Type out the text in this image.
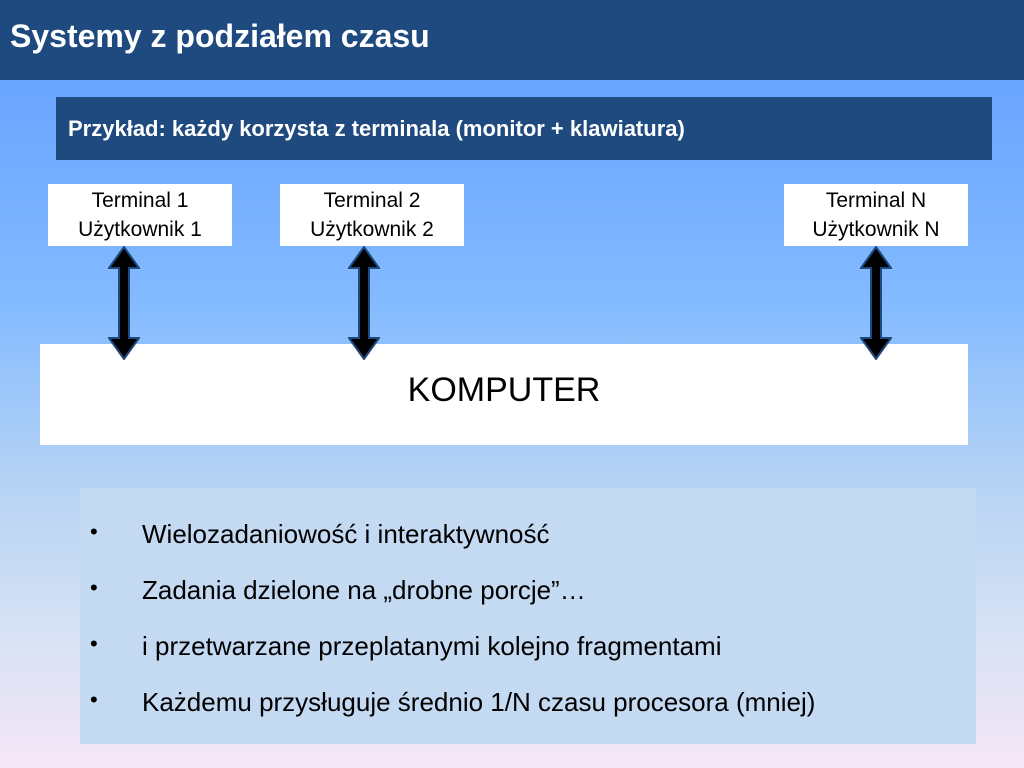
Systemy z podziałem czasu
Przykład: każdy korzysta z terminala (monitor + klawiatura)
Terminal 1
Użytkownik 1
Terminal 2
Użytkownik 2
Terminal N
Użytkownik N
KOMPUTER
• Wielozadaniowość i interaktywność
• Zadania dzielone na „drobne porcje”…
• i przetwarzane przeplatanymi kolejno fragmentami
• Każdemu przysługuje średnio 1/N czasu procesora (mniej)
